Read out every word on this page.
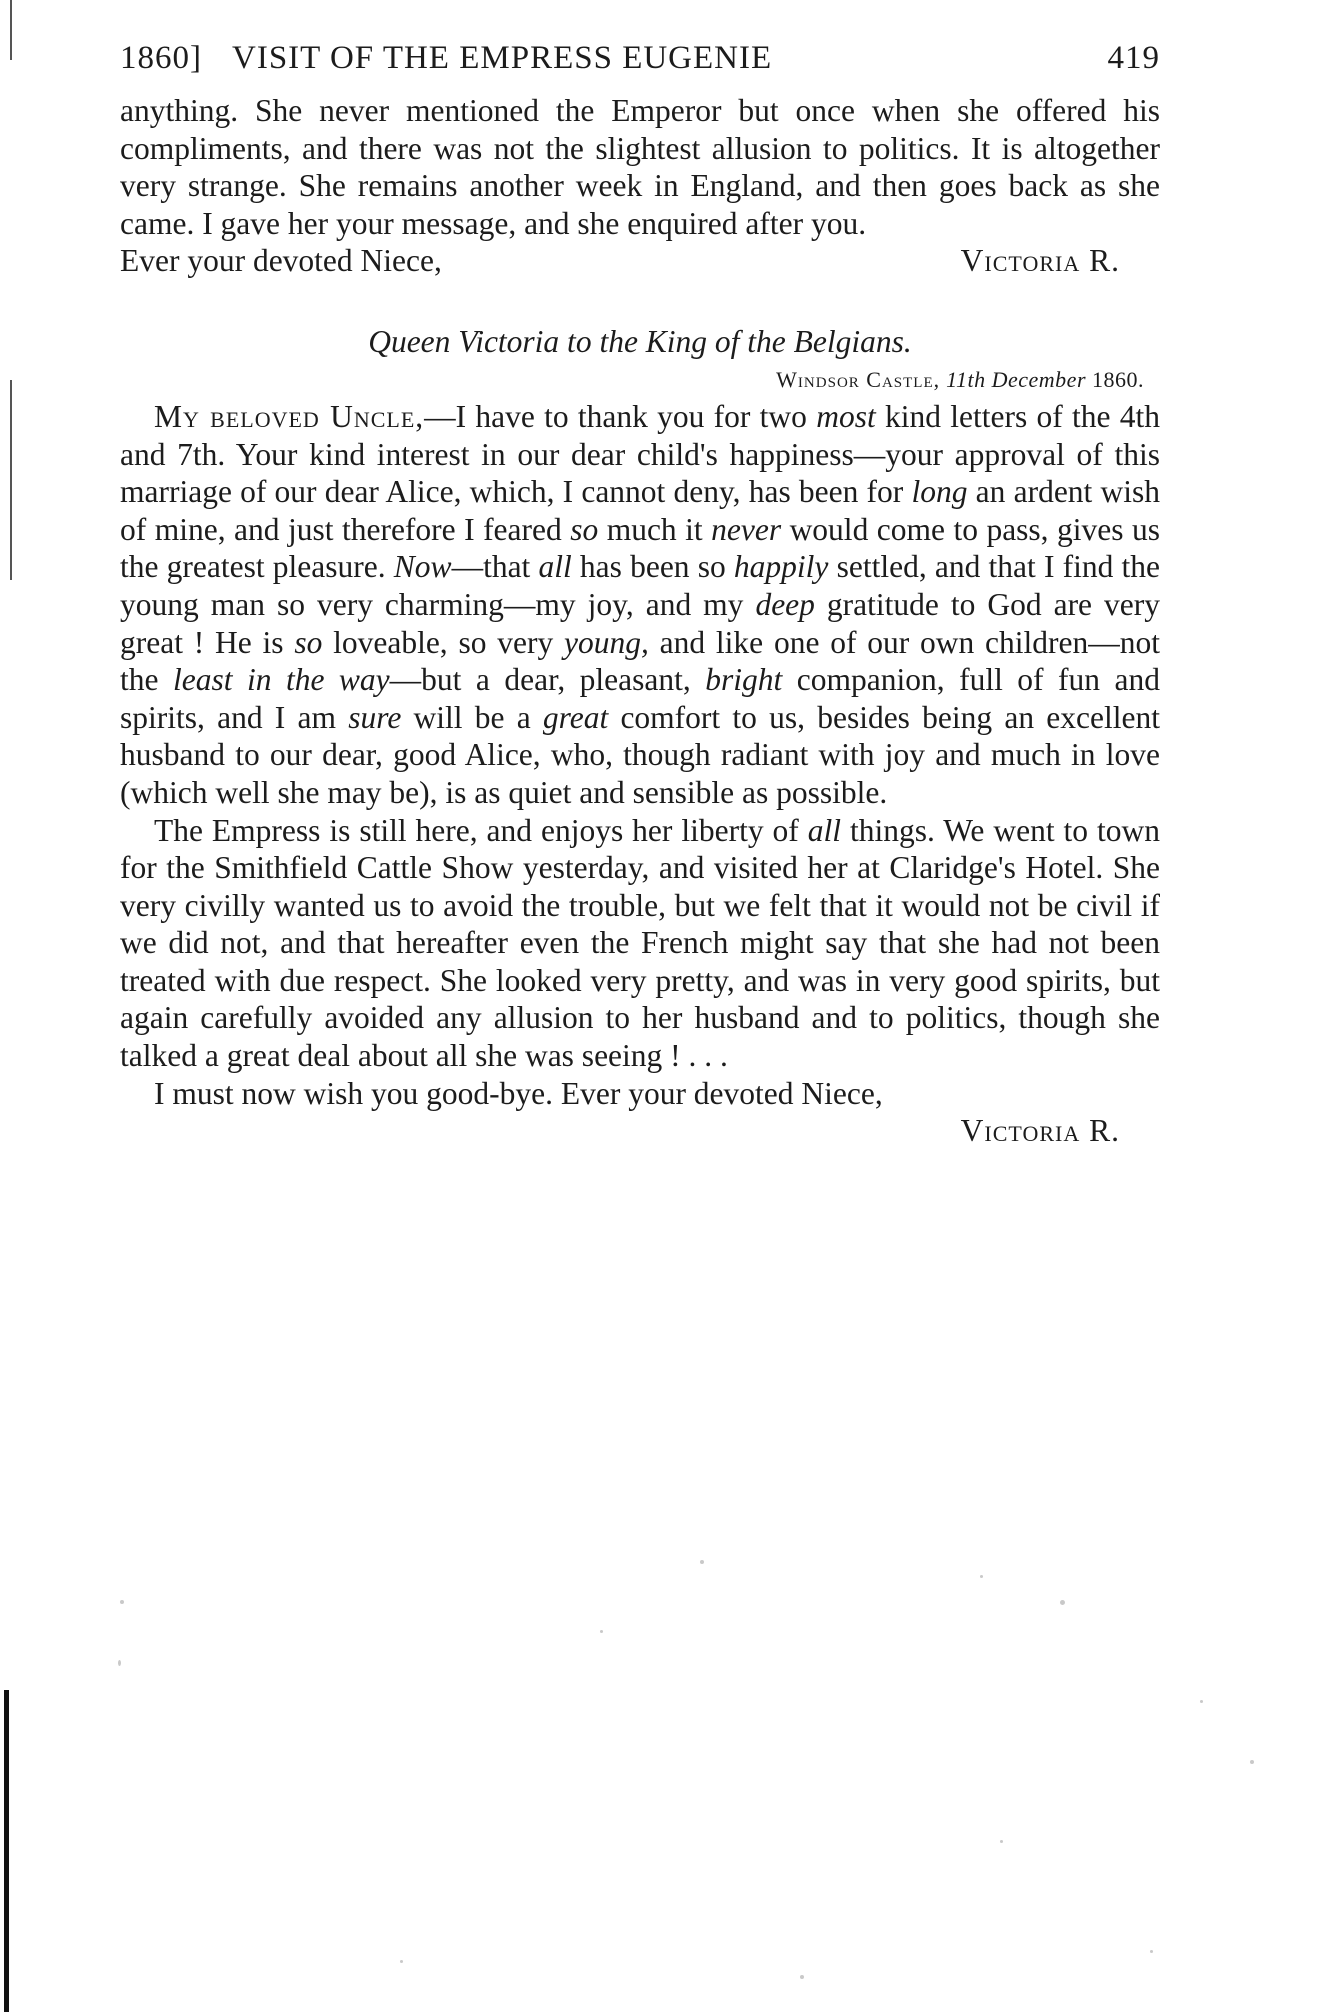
1860] VISIT OF THE EMPRESS EUGENIE	419

anything. She never mentioned the Emperor but once when she offered his compliments, and there was not the slightest allusion to politics. It is altogether very strange. She remains another week in England, and then goes back as she came. I gave her your message, and she enquired after you.

Ever your devoted Niece,	Victoria R.
Queen Victoria to the King of the Belgians.
Windsor Castle, 11th December 1860.

My beloved Uncle,—I have to thank you for two most kind letters of the 4th and 7th. Your kind interest in our dear child's happiness—your approval of this marriage of our dear Alice, which, I cannot deny, has been for long an ardent wish of mine, and just therefore I feared so much it never would come to pass, gives us the greatest pleasure. Now—that all has been so happily settled, and that I find the young man so very charming—my joy, and my deep gratitude to God are very great ! He is so loveable, so very young, and like one of our own children—not the least in the way—but a dear, pleasant, bright companion, full of fun and spirits, and I am sure will be a great comfort to us, besides being an excellent husband to our dear, good Alice, who, though radiant with joy and much in love (which well she may be), is as quiet and sensible as possible.

The Empress is still here, and enjoys her liberty of all things. We went to town for the Smithfield Cattle Show yesterday, and visited her at Claridge's Hotel. She very civilly wanted us to avoid the trouble, but we felt that it would not be civil if we did not, and that hereafter even the French might say that she had not been treated with due respect. She looked very pretty, and was in very good spirits, but again carefully avoided any allusion to her husband and to politics, though she talked a great deal about all she was seeing ! . . .

I must now wish you good-bye. Ever your devoted Niece,

Victoria R.
